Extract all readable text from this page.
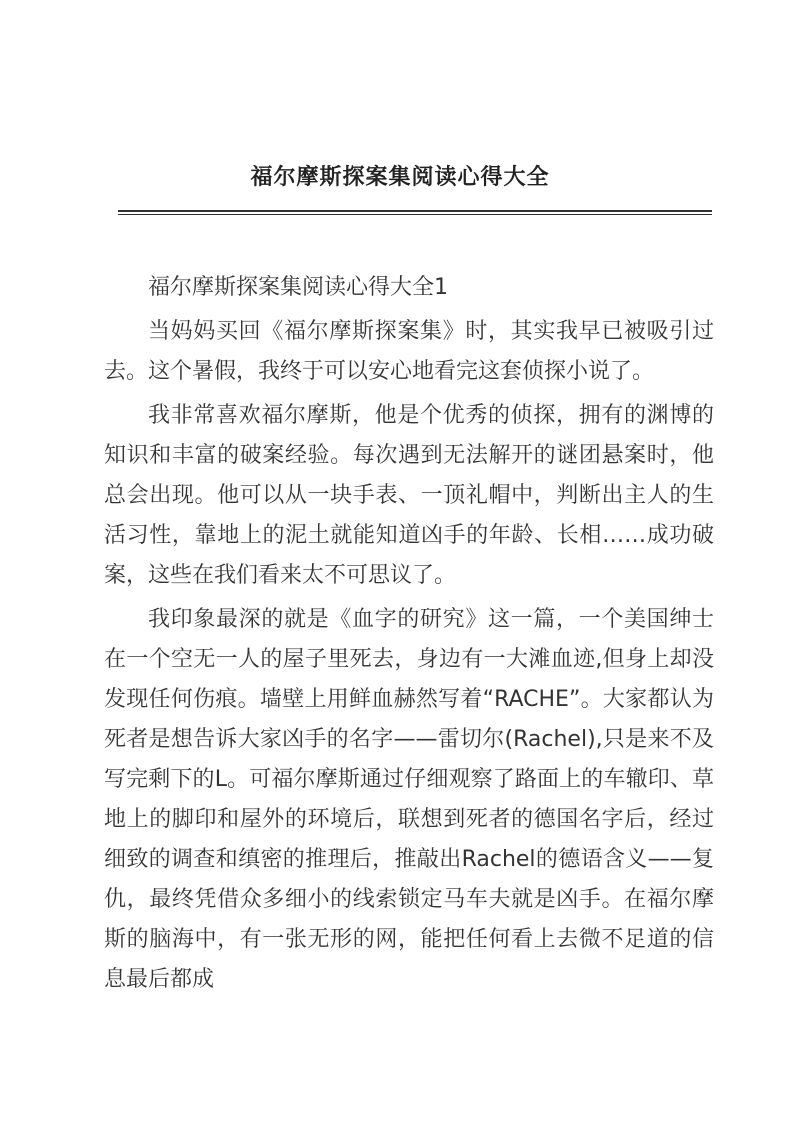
福尔摩斯探案集阅读心得大全

福尔摩斯探案集阅读心得大全1

当妈妈买回《福尔摩斯探案集》时，其实我早已被吸引过去。这个暑假，我终于可以安心地看完这套侦探小说了。

我非常喜欢福尔摩斯，他是个优秀的侦探，拥有的渊博的知识和丰富的破案经验。每次遇到无法解开的谜团悬案时，他总会出现。他可以从一块手表、一顶礼帽中，判断出主人的生活习性，靠地上的泥土就能知道凶手的年龄、长相……成功破案，这些在我们看来太不可思议了。

我印象最深的就是《血字的研究》这一篇，一个美国绅士在一个空无一人的屋子里死去，身边有一大滩血迹,但身上却没发现任何伤痕。墙壁上用鲜血赫然写着“RACHE”。大家都认为死者是想告诉大家凶手的名字——雷切尔(Rachel),只是来不及写完剩下的L。可福尔摩斯通过仔细观察了路面上的车辙印、草地上的脚印和屋外的环境后，联想到死者的德国名字后，经过细致的调查和缜密的推理后，推敲出Rachel的德语含义——复仇，最终凭借众多细小的线索锁定马车夫就是凶手。在福尔摩斯的脑海中，有一张无形的网，能把任何看上去微不足道的信息最后都成
